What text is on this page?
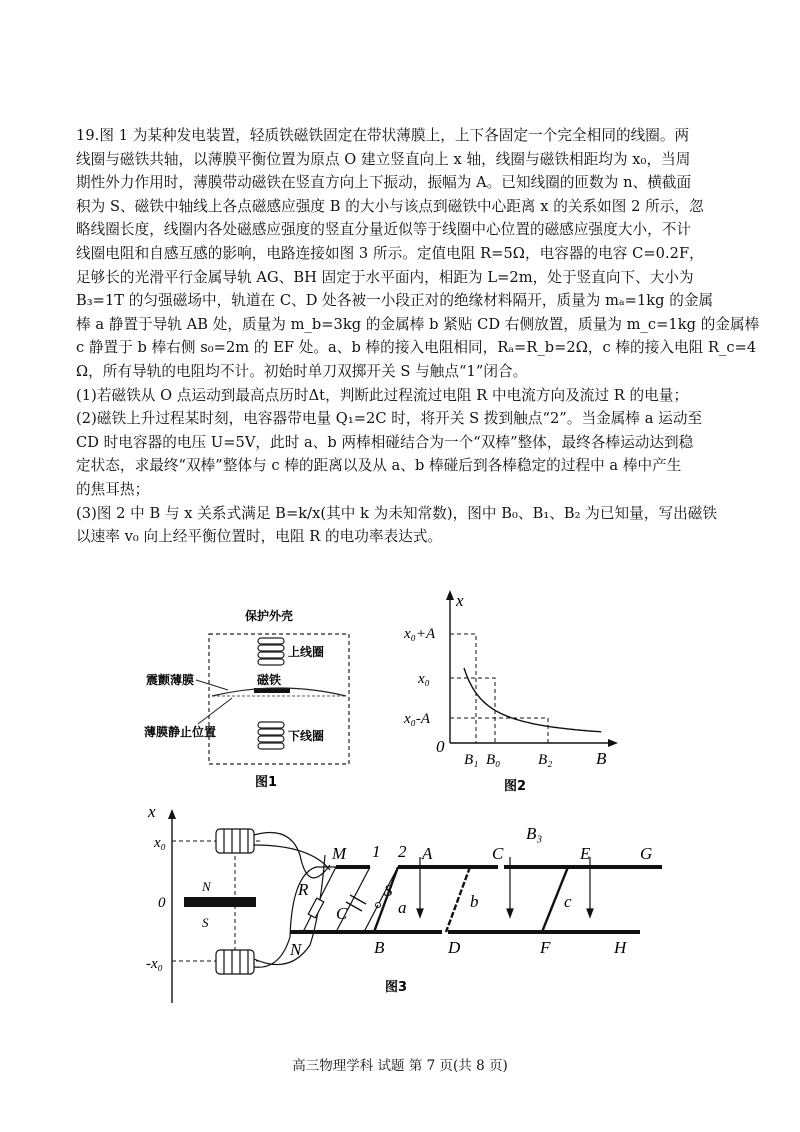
19.图 1 为某种发电装置，轻质铁磁铁固定在带状薄膜上，上下各固定一个完全相同的线圈。两
线圈与磁铁共轴，以薄膜平衡位置为原点 O 建立竖直向上 x 轴，线圈与磁铁相距均为 x₀，当周
期性外力作用时，薄膜带动磁铁在竖直方向上下振动，振幅为 A。已知线圈的匝数为 n、横截面
积为 S、磁铁中轴线上各点磁感应强度 B 的大小与该点到磁铁中心距离 x 的关系如图 2 所示，忽
略线圈长度，线圈内各处磁感应强度的竖直分量近似等于线圈中心位置的磁感应强度大小，不计
线圈电阻和自感互感的影响，电路连接如图 3 所示。定值电阻 R=5Ω，电容器的电容 C=0.2F，
足够长的光滑平行金属导轨 AG、BH 固定于水平面内，相距为 L=2m，处于竖直向下、大小为
B₃=1T 的匀强磁场中，轨道在 C、D 处各被一小段正对的绝缘材料隔开，质量为 mₐ=1kg 的金属
棒 a 静置于导轨 AB 处，质量为 m_b=3kg 的金属棒 b 紧贴 CD 右侧放置，质量为 m_c=1kg 的金属棒
c 静置于 b 棒右侧 s₀=2m 的 EF 处。a、b 棒的接入电阻相同，Rₐ=R_b=2Ω，c 棒的接入电阻 R_c=4
Ω，所有导轨的电阻均不计。初始时单刀双掷开关 S 与触点“1”闭合。
(1)若磁铁从 O 点运动到最高点历时Δt，判断此过程流过电阻 R 中电流方向及流过 R 的电量；
(2)磁铁上升过程某时刻，电容器带电量 Q₁=2C 时，将开关 S 拨到触点“2”。当金属棒 a 运动至
CD 时电容器的电压 U=5V，此时 a、b 两棒相碰结合为一个“双棒”整体，最终各棒运动达到稳
定状态，求最终“双棒”整体与 c 棒的距离以及从 a、b 棒碰后到各棒稳定的过程中 a 棒中产生
的焦耳热；
(3)图 2 中 B 与 x 关系式满足 B=k/x(其中 k 为未知常数)，图中 B₀、B₁、B₂ 为已知量，写出磁铁
以速率 v₀ 向上经平衡位置时，电阻 R 的电功率表达式。
保护外壳
上线圈
下线圈
磁铁
震颤薄膜
薄膜静止位置
图1
x
B
0
x₀+A
x₀
x₀-A
B₁ B₀	B₂
图2
x
x₀
0
-x₀
N
S
M
N
1 2
S
R
C
A
B
C
D
E
F
G
H
a	b	c
B₃
图3
高三物理学科 试题 第 7 页(共 8 页)
